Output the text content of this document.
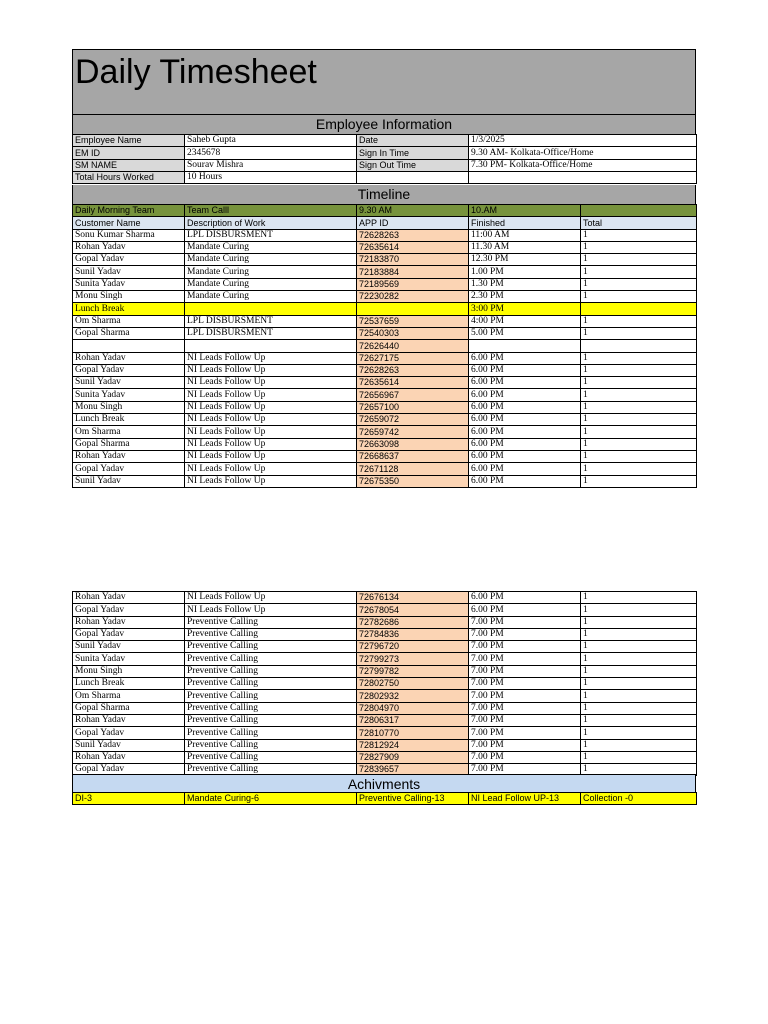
Daily Timesheet
Employee Information
Employee Name	Saheb Gupta	Date	1/3/2025
EM ID	2345678	Sign In Time	9.30 AM- Kolkata-Office/Home
SM NAME	Sourav Mishra	Sign Out Time	7.30 PM- Kolkata-Office/Home
Total Hours Worked	10 Hours		
Timeline
Daily Morning Team	Team Calll	9.30 AM	10.AM	
Customer Name	Description of Work	APP ID	Finished	Total
Sonu Kumar Sharma	LPL DISBURSMENT	72628263	11:00 AM	1
Rohan Yadav	Mandate Curing	72635614	11.30 AM	1
Gopal Yadav	Mandate Curing	72183870	12.30 PM	1
Sunil Yadav	Mandate Curing	72183884	1.00 PM	1
Sunita Yadav	Mandate Curing	72189569	1.30 PM	1
Monu Singh	Mandate Curing	72230282	2.30 PM	1
Lunch Break			3:00 PM	
Om Sharma	LPL DISBURSMENT	72537659	4:00 PM	1
Gopal Sharma	LPL DISBURSMENT	72540303	5.00 PM	1
		72626440		
Rohan Yadav	NI Leads Follow Up	72627175	6.00 PM	1
Gopal Yadav	NI Leads Follow Up	72628263	6.00 PM	1
Sunil Yadav	NI Leads Follow Up	72635614	6.00 PM	1
Sunita Yadav	NI Leads Follow Up	72656967	6.00 PM	1
Monu Singh	NI Leads Follow Up	72657100	6.00 PM	1
Lunch Break	NI Leads Follow Up	72659072	6.00 PM	1
Om Sharma	NI Leads Follow Up	72659742	6.00 PM	1
Gopal Sharma	NI Leads Follow Up	72663098	6.00 PM	1
Rohan Yadav	NI Leads Follow Up	72668637	6.00 PM	1
Gopal Yadav	NI Leads Follow Up	72671128	6.00 PM	1
Sunil Yadav	NI Leads Follow Up	72675350	6.00 PM	1
Rohan Yadav	NI Leads Follow Up	72676134	6.00 PM	1
Gopal Yadav	NI Leads Follow Up	72678054	6.00 PM	1
Rohan Yadav	Preventive Calling	72782686	7.00 PM	1
Gopal Yadav	Preventive Calling	72784836	7.00 PM	1
Sunil Yadav	Preventive Calling	72796720	7.00 PM	1
Sunita Yadav	Preventive Calling	72799273	7.00 PM	1
Monu Singh	Preventive Calling	72799782	7.00 PM	1
Lunch Break	Preventive Calling	72802750	7.00 PM	1
Om Sharma	Preventive Calling	72802932	7.00 PM	1
Gopal Sharma	Preventive Calling	72804970	7.00 PM	1
Rohan Yadav	Preventive Calling	72806317	7.00 PM	1
Gopal Yadav	Preventive Calling	72810770	7.00 PM	1
Sunil Yadav	Preventive Calling	72812924	7.00 PM	1
Rohan Yadav	Preventive Calling	72827909	7.00 PM	1
Gopal Yadav	Preventive Calling	72839657	7.00 PM	1
Achivments
DI-3	Mandate Curing-6	Preventive Calling-13	NI Lead Follow UP-13	Collection -0
